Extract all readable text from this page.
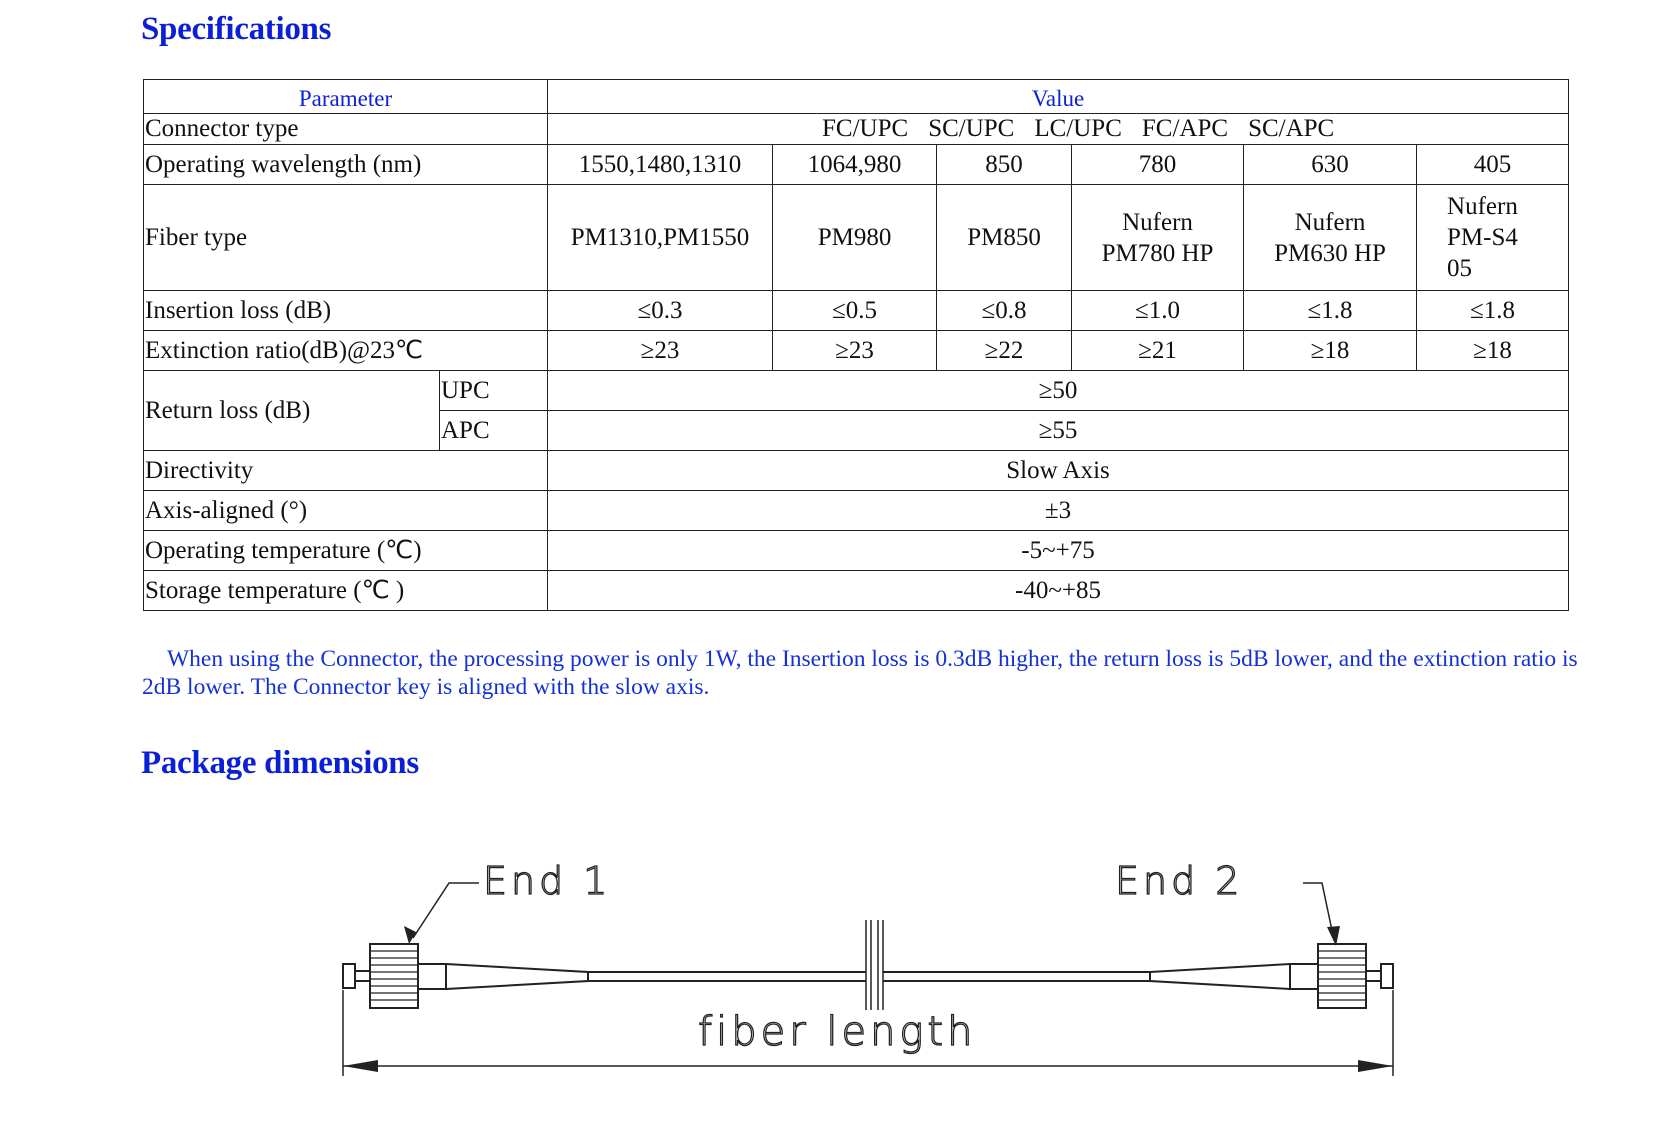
Specifications
Parameter		Value					
Connector type		FC/UPC SC/UPC LC/UPC FC/APC SC/APC					

Operating wavelength (nm)		1550,1480,1310	1064,980	850	780	630	405
Fiber type		PM1310,PM1550	PM980	PM850	Nufern PM780 HP	Nufern PM630 HP	Nufern PM-S4 05
Insertion loss (dB)		≤0.3	≤0.5	≤0.8	≤1.0	≤1.8	≤1.8
Extinction ratio(dB)@23℃		≥23	≥23	≥22	≥21	≥18	≥18
Return loss (dB)	UPC	≥50					
	APC	≥55					
Directivity		Slow Axis					
Axis-aligned (°)		±3					
Operating temperature (℃)		-5~+75					
Storage temperature (℃ )		-40~+85					

When using the Connector, the processing power is only 1W, the Insertion loss is 0.3dB higher, the return loss is 5dB lower, and the extinction ratio is 2dB lower. The Connector key is aligned with the slow axis.

Package dimensions
End 1	End 2
fiber length
